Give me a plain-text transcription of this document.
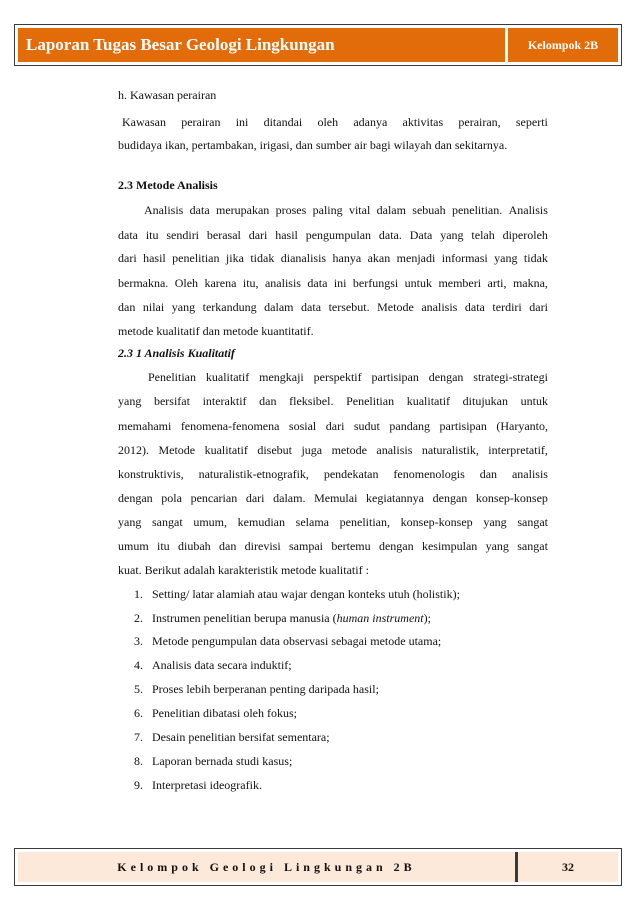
Laporan Tugas Besar Geologi Lingkungan	Kelompok 2B
h. Kawasan perairan
Kawasan perairan ini ditandai oleh adanya aktivitas perairan, seperti
budidaya ikan, pertambakan, irigasi, dan sumber air bagi wilayah dan sekitarnya.
2.3 Metode Analisis
Analisis data merupakan proses paling vital dalam sebuah penelitian. Analisis
data itu sendiri berasal dari hasil pengumpulan data. Data yang telah diperoleh
dari hasil penelitian jika tidak dianalisis hanya akan menjadi informasi yang tidak
bermakna. Oleh karena itu, analisis data ini berfungsi untuk memberi arti, makna,
dan nilai yang terkandung dalam data tersebut. Metode analisis data terdiri dari
metode kualitatif dan metode kuantitatif.
2.3 1 Analisis Kualitatif
Penelitian kualitatif mengkaji perspektif partisipan dengan strategi-strategi
yang bersifat interaktif dan fleksibel. Penelitian kualitatif ditujukan untuk
memahami fenomena-fenomena sosial dari sudut pandang partisipan (Haryanto,
2012). Metode kualitatif disebut juga metode analisis naturalistik, interpretatif,
konstruktivis, naturalistik-etnografik, pendekatan fenomenologis dan analisis
dengan pola pencarian dari dalam. Memulai kegiatannya dengan konsep-konsep
yang sangat umum, kemudian selama penelitian, konsep-konsep yang sangat
umum itu diubah dan direvisi sampai bertemu dengan kesimpulan yang sangat
kuat. Berikut adalah karakteristik metode kualitatif :
1. Setting/ latar alamiah atau wajar dengan konteks utuh (holistik);
2. Instrumen penelitian berupa manusia (human instrument);
3. Metode pengumpulan data observasi sebagai metode utama;
4. Analisis data secara induktif;
5. Proses lebih berperanan penting daripada hasil;
6. Penelitian dibatasi oleh fokus;
7. Desain penelitian bersifat sementara;
8. Laporan bernada studi kasus;
9. Interpretasi ideografik.
Kelompok Geologi Lingkungan 2B	32
